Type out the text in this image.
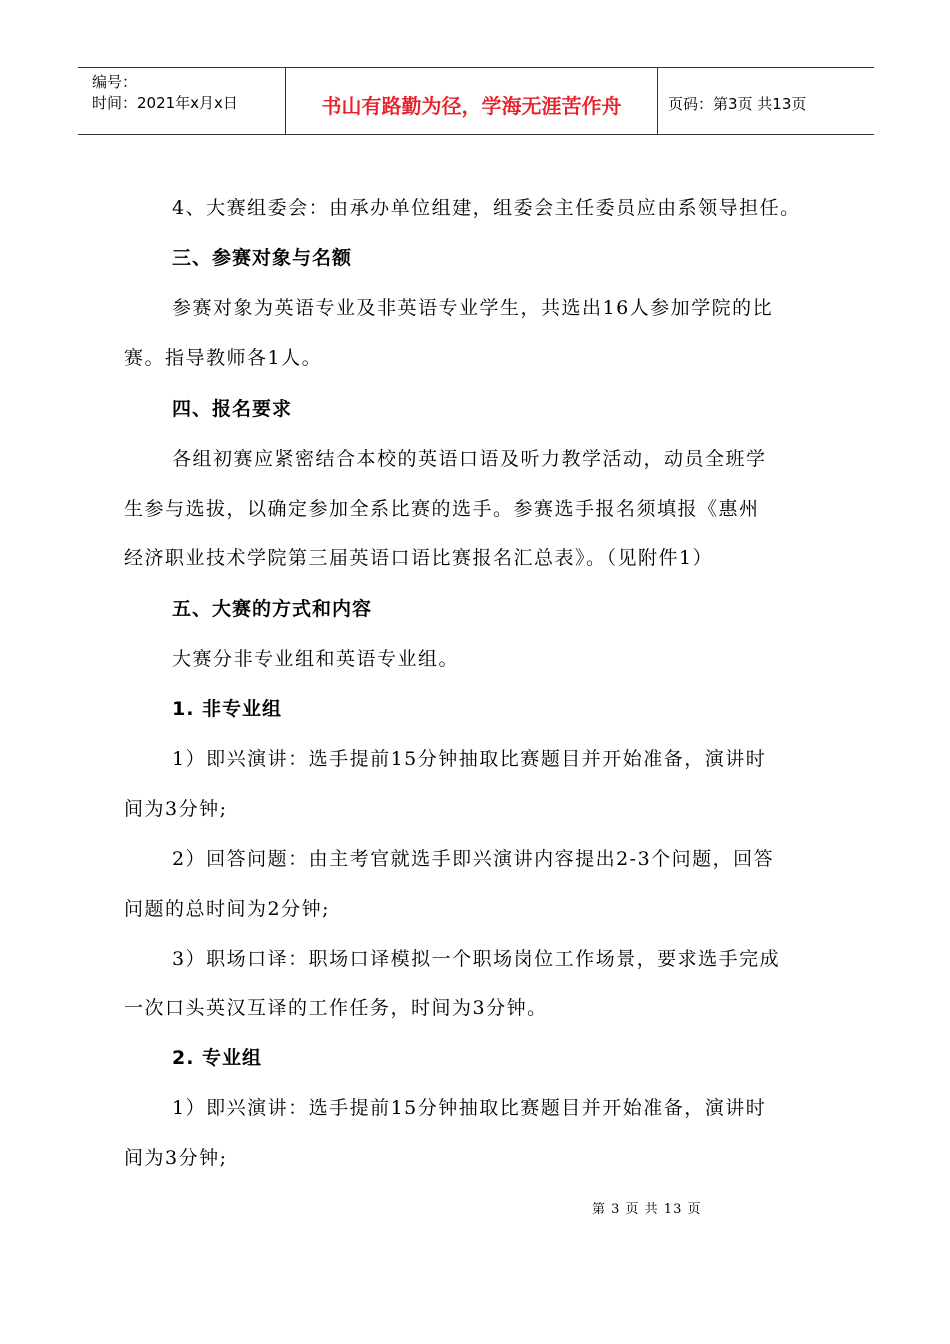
编号：
时间：2021年x月x日	书山有路勤为径，学海无涯苦作舟	页码：第3页 共13页
4、大赛组委会：由承办单位组建，组委会主任委员应由系领导担任。
三、参赛对象与名额
参赛对象为英语专业及非英语专业学生，共选出16人参加学院的比
赛。指导教师各1人。
四、报名要求
各组初赛应紧密结合本校的英语口语及听力教学活动，动员全班学
生参与选拔，以确定参加全系比赛的选手。参赛选手报名须填报《惠州
经济职业技术学院第三届英语口语比赛报名汇总表》。（见附件1）
五、大赛的方式和内容
大赛分非专业组和英语专业组。
1. 非专业组
1）即兴演讲：选手提前15分钟抽取比赛题目并开始准备，演讲时
间为3分钟;
2）回答问题：由主考官就选手即兴演讲内容提出2-3个问题，回答
问题的总时间为2分钟;
3）职场口译：职场口译模拟一个职场岗位工作场景，要求选手完成
一次口头英汉互译的工作任务，时间为3分钟。
2. 专业组
1）即兴演讲：选手提前15分钟抽取比赛题目并开始准备，演讲时
间为3分钟;
第 3 页 共 13 页
